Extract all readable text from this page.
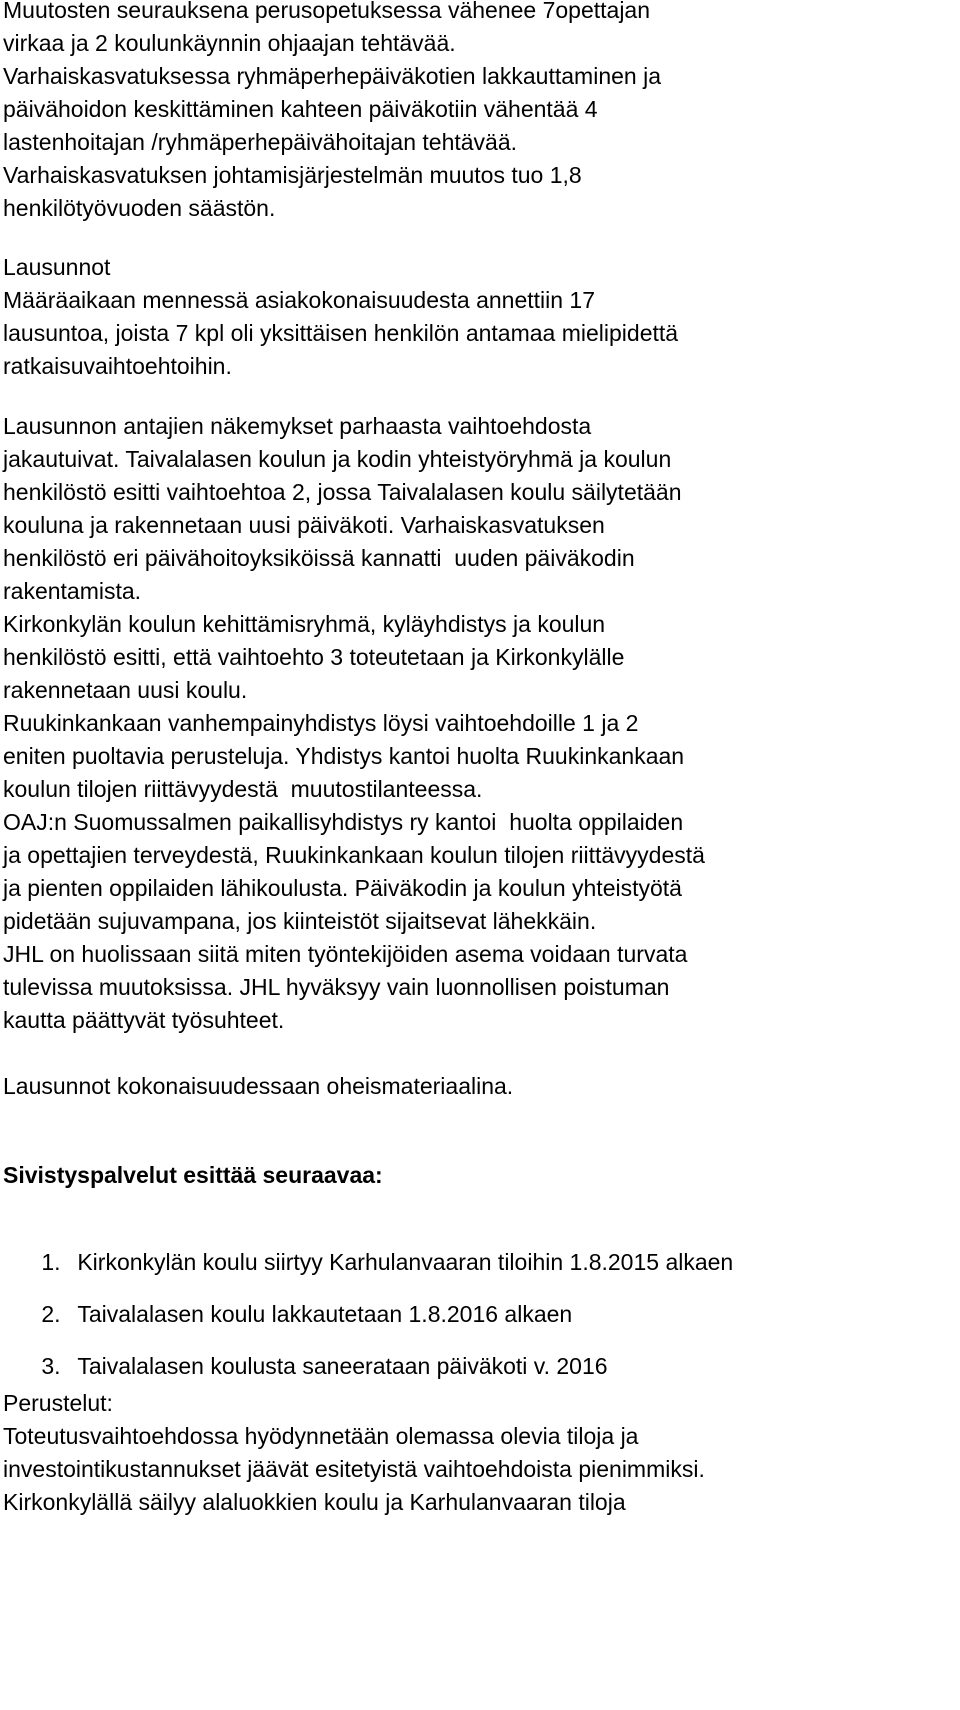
Muutosten seurauksena perusopetuksessa vähenee 7opettajan
virkaa ja 2 koulunkäynnin ohjaajan tehtävää.
Varhaiskasvatuksessa ryhmäperhepäiväkotien lakkauttaminen ja
päivähoidon keskittäminen kahteen päiväkotiin vähentää 4
lastenhoitajan /ryhmäperhepäivähoitajan tehtävää.
Varhaiskasvatuksen johtamisjärjestelmän muutos tuo 1,8
henkilötyövuoden säästön.
Lausunnot
Määräaikaan mennessä asiakokonaisuudesta annettiin 17
lausuntoa, joista 7 kpl oli yksittäisen henkilön antamaa mielipidettä
ratkaisuvaihtoehtoihin.
Lausunnon antajien näkemykset parhaasta vaihtoehdosta
jakautuivat. Taivalalasen koulun ja kodin yhteistyöryhmä ja koulun
henkilöstö esitti vaihtoehtoa 2, jossa Taivalalasen koulu säilytetään
kouluna ja rakennetaan uusi päiväkoti. Varhaiskasvatuksen
henkilöstö eri päivähoitoyksiköissä kannatti  uuden päiväkodin
rakentamista.
Kirkonkylän koulun kehittämisryhmä, kyläyhdistys ja koulun
henkilöstö esitti, että vaihtoehto 3 toteutetaan ja Kirkonkylälle
rakennetaan uusi koulu.
Ruukinkankaan vanhempainyhdistys löysi vaihtoehdoille 1 ja 2
eniten puoltavia perusteluja. Yhdistys kantoi huolta Ruukinkankaan
koulun tilojen riittävyydestä  muutostilanteessa.
OAJ:n Suomussalmen paikallisyhdistys ry kantoi  huolta oppilaiden
ja opettajien terveydestä, Ruukinkankaan koulun tilojen riittävyydestä
ja pienten oppilaiden lähikoulusta. Päiväkodin ja koulun yhteistyötä
pidetään sujuvampana, jos kiinteistöt sijaitsevat lähekkäin.
JHL on huolissaan siitä miten työntekijöiden asema voidaan turvata
tulevissa muutoksissa. JHL hyväksyy vain luonnollisen poistuman
kautta päättyvät työsuhteet.
Lausunnot kokonaisuudessaan oheismateriaalina.
Sivistyspalvelut esittää seuraavaa:

1. Kirkonkylän koulu siirtyy Karhulanvaaran tiloihin 1.8.2015 alkaen

2. Taivalalasen koulu lakkautetaan 1.8.2016 alkaen

3. Taivalalasen koulusta saneerataan päiväkoti v. 2016

Perustelut:
Toteutusvaihtoehdossa hyödynnetään olemassa olevia tiloja ja
investointikustannukset jäävät esitetyistä vaihtoehdoista pienimmiksi.
Kirkonkylällä säilyy alaluokkien koulu ja Karhulanvaaran tiloja
